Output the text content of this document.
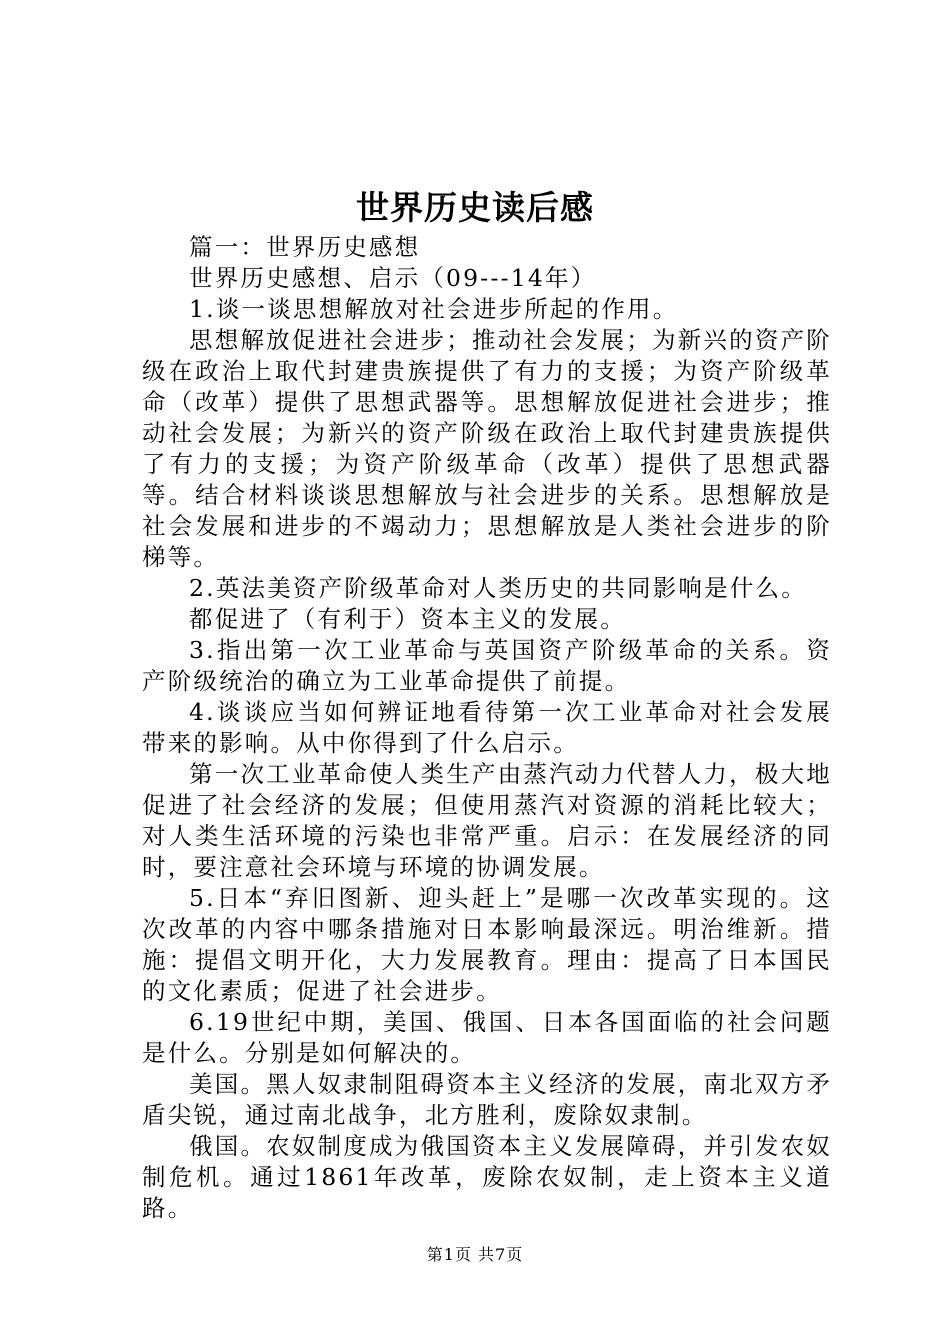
世界历史读后感

篇一：世界历史感想

世界历史感想、启示（09---14年）

1.谈一谈思想解放对社会进步所起的作用。

思想解放促进社会进步；推动社会发展；为新兴的资产阶级在政治上取代封建贵族提供了有力的支援；为资产阶级革命（改革）提供了思想武器等。思想解放促进社会进步；推动社会发展；为新兴的资产阶级在政治上取代封建贵族提供了有力的支援；为资产阶级革命（改革）提供了思想武器等。结合材料谈谈思想解放与社会进步的关系。思想解放是社会发展和进步的不竭动力；思想解放是人类社会进步的阶梯等。

2.英法美资产阶级革命对人类历史的共同影响是什么。

都促进了（有利于）资本主义的发展。

3.指出第一次工业革命与英国资产阶级革命的关系。资产阶级统治的确立为工业革命提供了前提。

4.谈谈应当如何辨证地看待第一次工业革命对社会发展带来的影响。从中你得到了什么启示。

第一次工业革命使人类生产由蒸汽动力代替人力，极大地促进了社会经济的发展；但使用蒸汽对资源的消耗比较大；对人类生活环境的污染也非常严重。启示：在发展经济的同时，要注意社会环境与环境的协调发展。

5.日本“弃旧图新、迎头赶上”是哪一次改革实现的。这次改革的内容中哪条措施对日本影响最深远。明治维新。措施：提倡文明开化，大力发展教育。理由：提高了日本国民的文化素质；促进了社会进步。

6.19世纪中期，美国、俄国、日本各国面临的社会问题是什么。分别是如何解决的。

美国。黑人奴隶制阻碍资本主义经济的发展，南北双方矛盾尖锐，通过南北战争，北方胜利，废除奴隶制。

俄国。农奴制度成为俄国资本主义发展障碍，并引发农奴制危机。通过1861年改革，废除农奴制，走上资本主义道路。

第1页 共7页
